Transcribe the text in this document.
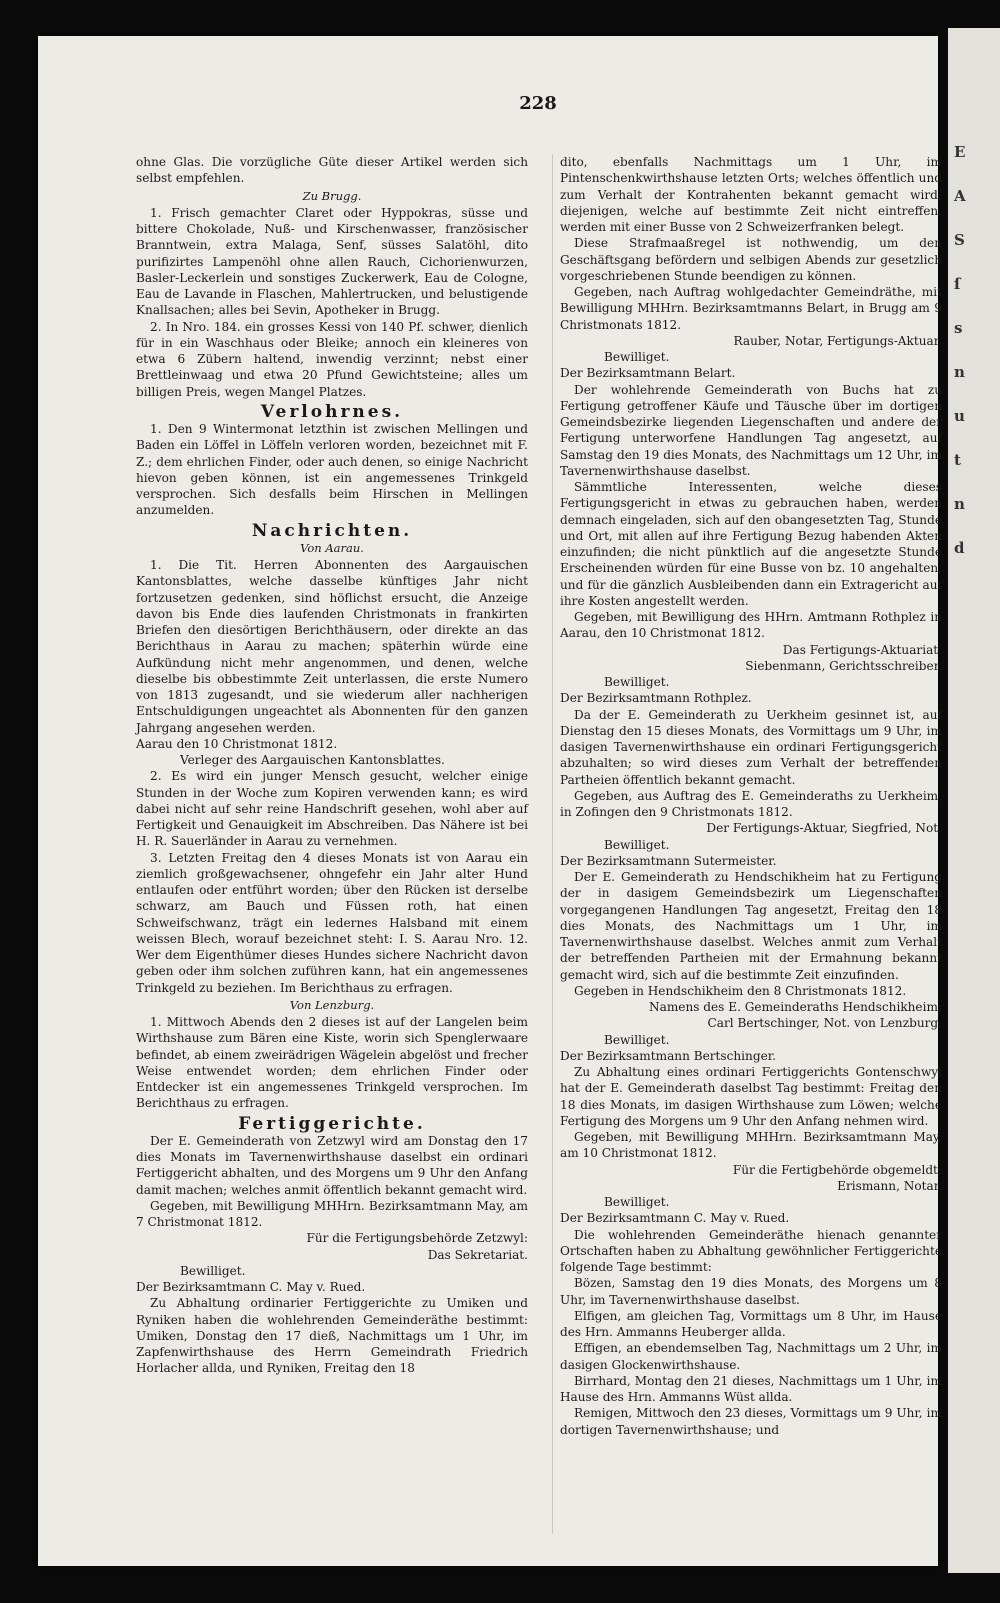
228

ohne Glas. Die vorzügliche Güte dieser Artikel werden sich selbst empfehlen.

Zu Brugg.

1. Frisch gemachter Claret oder Hyppokras, süsse und bittere Chokolade, Nuß- und Kirschenwasser, französischer Branntwein, extra Malaga, Senf, süsses Salatöhl, dito purifizirtes Lampenöhl ohne allen Rauch, Cichorienwurzen, Basler-Leckerlein und sonstiges Zuckerwerk, Eau de Cologne, Eau de Lavande in Flaschen, Mahlertrucken, und belustigende Knallsachen; alles bei Sevin, Apotheker in Brugg.

2. In Nro. 184. ein grosses Kessi von 140 Pf. schwer, dienlich für in ein Waschhaus oder Bleike; annoch ein kleineres von etwa 6 Zübern haltend, inwendig verzinnt; nebst einer Brettleinwaag und etwa 20 Pfund Gewichtsteine; alles um billigen Preis, wegen Mangel Platzes.

Verlohrnes.

1. Den 9 Wintermonat letzthin ist zwischen Mellingen und Baden ein Löffel in Löffeln verloren worden, bezeichnet mit F. Z.; dem ehrlichen Finder, oder auch denen, so einige Nachricht hievon geben können, ist ein angemessenes Trinkgeld versprochen. Sich desfalls beim Hirschen in Mellingen anzumelden.

Nachrichten.
Von Aarau.

1. Die Tit. Herren Abonnenten des Aargauischen Kantonsblattes, welche dasselbe künftiges Jahr nicht fortzusetzen gedenken, sind höflichst ersucht, die Anzeige davon bis Ende dies laufenden Christmonats in frankirten Briefen den diesörtigen Berichthäusern, oder direkte an das Berichthaus in Aarau zu machen; späterhin würde eine Aufkündung nicht mehr angenommen, und denen, welche dieselbe bis obbestimmte Zeit unterlassen, die erste Numero von 1813 zugesandt, und sie wiederum aller nachherigen Entschuldigungen ungeachtet als Abonnenten für den ganzen Jahrgang angesehen werden.

Aarau den 10 Christmonat 1812.

Verleger des Aargauischen Kantonsblattes.

2. Es wird ein junger Mensch gesucht, welcher einige Stunden in der Woche zum Kopiren verwenden kann; es wird dabei nicht auf sehr reine Handschrift gesehen, wohl aber auf Fertigkeit und Genauigkeit im Abschreiben. Das Nähere ist bei H. R. Sauerländer in Aarau zu vernehmen.

3. Letzten Freitag den 4 dieses Monats ist von Aarau ein ziemlich großgewachsener, ohngefehr ein Jahr alter Hund entlaufen oder entführt worden; über den Rücken ist derselbe schwarz, am Bauch und Füssen roth, hat einen Schweifschwanz, trägt ein ledernes Halsband mit einem weissen Blech, worauf bezeichnet steht: I. S. Aarau Nro. 12. Wer dem Eigenthümer dieses Hundes sichere Nachricht davon geben oder ihm solchen zuführen kann, hat ein angemessenes Trinkgeld zu beziehen. Im Berichthaus zu erfragen.

Von Lenzburg.

1. Mittwoch Abends den 2 dieses ist auf der Langelen beim Wirthshause zum Bären eine Kiste, worin sich Spenglerwaare befindet, ab einem zweirädrigen Wägelein abgelöst und frecher Weise entwendet worden; dem ehrlichen Finder oder Entdecker ist ein angemessenes Trinkgeld versprochen. Im Berichthaus zu erfragen.

Fertiggerichte.

Der E. Gemeinderath von Zetzwyl wird am Donstag den 17 dies Monats im Tavernenwirthshause daselbst ein ordinari Fertiggericht abhalten, und des Morgens um 9 Uhr den Anfang damit machen; welches anmit öffentlich bekannt gemacht wird.

Gegeben, mit Bewilligung MHHrn. Bezirksamtmann May, am 7 Christmonat 1812.

Für die Fertigungsbehörde Zetzwyl:

Das Sekretariat.

Bewilliget.

Der Bezirksamtmann C. May v. Rued.

Zu Abhaltung ordinarier Fertiggerichte zu Umiken und Ryniken haben die wohlehrenden Gemeinderäthe bestimmt: Umiken, Donstag den 17 dieß, Nachmittags um 1 Uhr, im Zapfenwirthshause des Herrn Gemeindrath Friedrich Horlacher allda, und Ryniken, Freitag den 18

dito, ebenfalls Nachmittags um 1 Uhr, im Pintenschenkwirthshause letzten Orts; welches öffentlich und zum Verhalt der Kontrahenten bekannt gemacht wird; diejenigen, welche auf bestimmte Zeit nicht eintreffen, werden mit einer Busse von 2 Schweizerfranken belegt.

Diese Strafmaaßregel ist nothwendig, um den Geschäftsgang befördern und selbigen Abends zur gesetzlich vorgeschriebenen Stunde beendigen zu können.

Gegeben, nach Auftrag wohlgedachter Gemeindräthe, mit Bewilligung MHHrn. Bezirksamtmanns Belart, in Brugg am 9 Christmonats 1812.

Rauber, Notar, Fertigungs-Aktuar.

Bewilliget.

Der Bezirksamtmann Belart.

Der wohlehrende Gemeinderath von Buchs hat zu Fertigung getroffener Käufe und Täusche über im dortigen Gemeindsbezirke liegenden Liegenschaften und andere der Fertigung unterworfene Handlungen Tag angesetzt, auf Samstag den 19 dies Monats, des Nachmittags um 12 Uhr, im Tavernenwirthshause daselbst.

Sämmtliche Interessenten, welche dieses Fertigungsgericht in etwas zu gebrauchen haben, werden demnach eingeladen, sich auf den obangesetzten Tag, Stunde und Ort, mit allen auf ihre Fertigung Bezug habenden Akten einzufinden; die nicht pünktlich auf die angesetzte Stunde Erscheinenden würden für eine Busse von bz. 10 angehalten, und für die gänzlich Ausbleibenden dann ein Extragericht auf ihre Kosten angestellt werden.

Gegeben, mit Bewilligung des HHrn. Amtmann Rothplez in Aarau, den 10 Christmonat 1812.

Das Fertigungs-Aktuariat.

Siebenmann, Gerichtsschreiber.

Bewilliget.

Der Bezirksamtmann Rothplez.

Da der E. Gemeinderath zu Uerkheim gesinnet ist, auf Dienstag den 15 dieses Monats, des Vormittags um 9 Uhr, im dasigen Tavernenwirthshause ein ordinari Fertigungsgericht abzuhalten; so wird dieses zum Verhalt der betreffenden Partheien öffentlich bekannt gemacht.

Gegeben, aus Auftrag des E. Gemeinderaths zu Uerkheim, in Zofingen den 9 Christmonats 1812.

Der Fertigungs-Aktuar, Siegfried, Not.

Bewilliget.

Der Bezirksamtmann Sutermeister.

Der E. Gemeinderath zu Hendschikheim hat zu Fertigung der in dasigem Gemeindsbezirk um Liegenschaften vorgegangenen Handlungen Tag angesetzt, Freitag den 18 dies Monats, des Nachmittags um 1 Uhr, im Tavernenwirthshause daselbst. Welches anmit zum Verhalt der betreffenden Partheien mit der Ermahnung bekannt gemacht wird, sich auf die bestimmte Zeit einzufinden.

Gegeben in Hendschikheim den 8 Christmonats 1812.

Namens des E. Gemeinderaths Hendschikheim:

Carl Bertschinger, Not. von Lenzburg.

Bewilliget.

Der Bezirksamtmann Bertschinger.

Zu Abhaltung eines ordinari Fertiggerichts Gontenschwyl hat der E. Gemeinderath daselbst Tag bestimmt: Freitag den 18 dies Monats, im dasigen Wirthshause zum Löwen; welche Fertigung des Morgens um 9 Uhr den Anfang nehmen wird.

Gegeben, mit Bewilligung MHHrn. Bezirksamtmann May, am 10 Christmonat 1812.

Für die Fertigbehörde obgemeldt:

Erismann, Notar.

Bewilliget.

Der Bezirksamtmann C. May v. Rued.

Die wohlehrenden Gemeinderäthe hienach genannter Ortschaften haben zu Abhaltung gewöhnlicher Fertiggerichte folgende Tage bestimmt:

Bözen, Samstag den 19 dies Monats, des Morgens um 8 Uhr, im Tavernenwirthshause daselbst.

Elfigen, am gleichen Tag, Vormittags um 8 Uhr, im Hause des Hrn. Ammanns Heuberger allda.

Effigen, an ebendemselben Tag, Nachmittags um 2 Uhr, im dasigen Glockenwirthshause.

Birrhard, Montag den 21 dieses, Nachmittags um 1 Uhr, im Hause des Hrn. Ammanns Wüst allda.

Remigen, Mittwoch den 23 dieses, Vormittags um 9 Uhr, im dortigen Tavernenwirthshause; und

E
A
S
ſ
s
n
u
t
n
d
